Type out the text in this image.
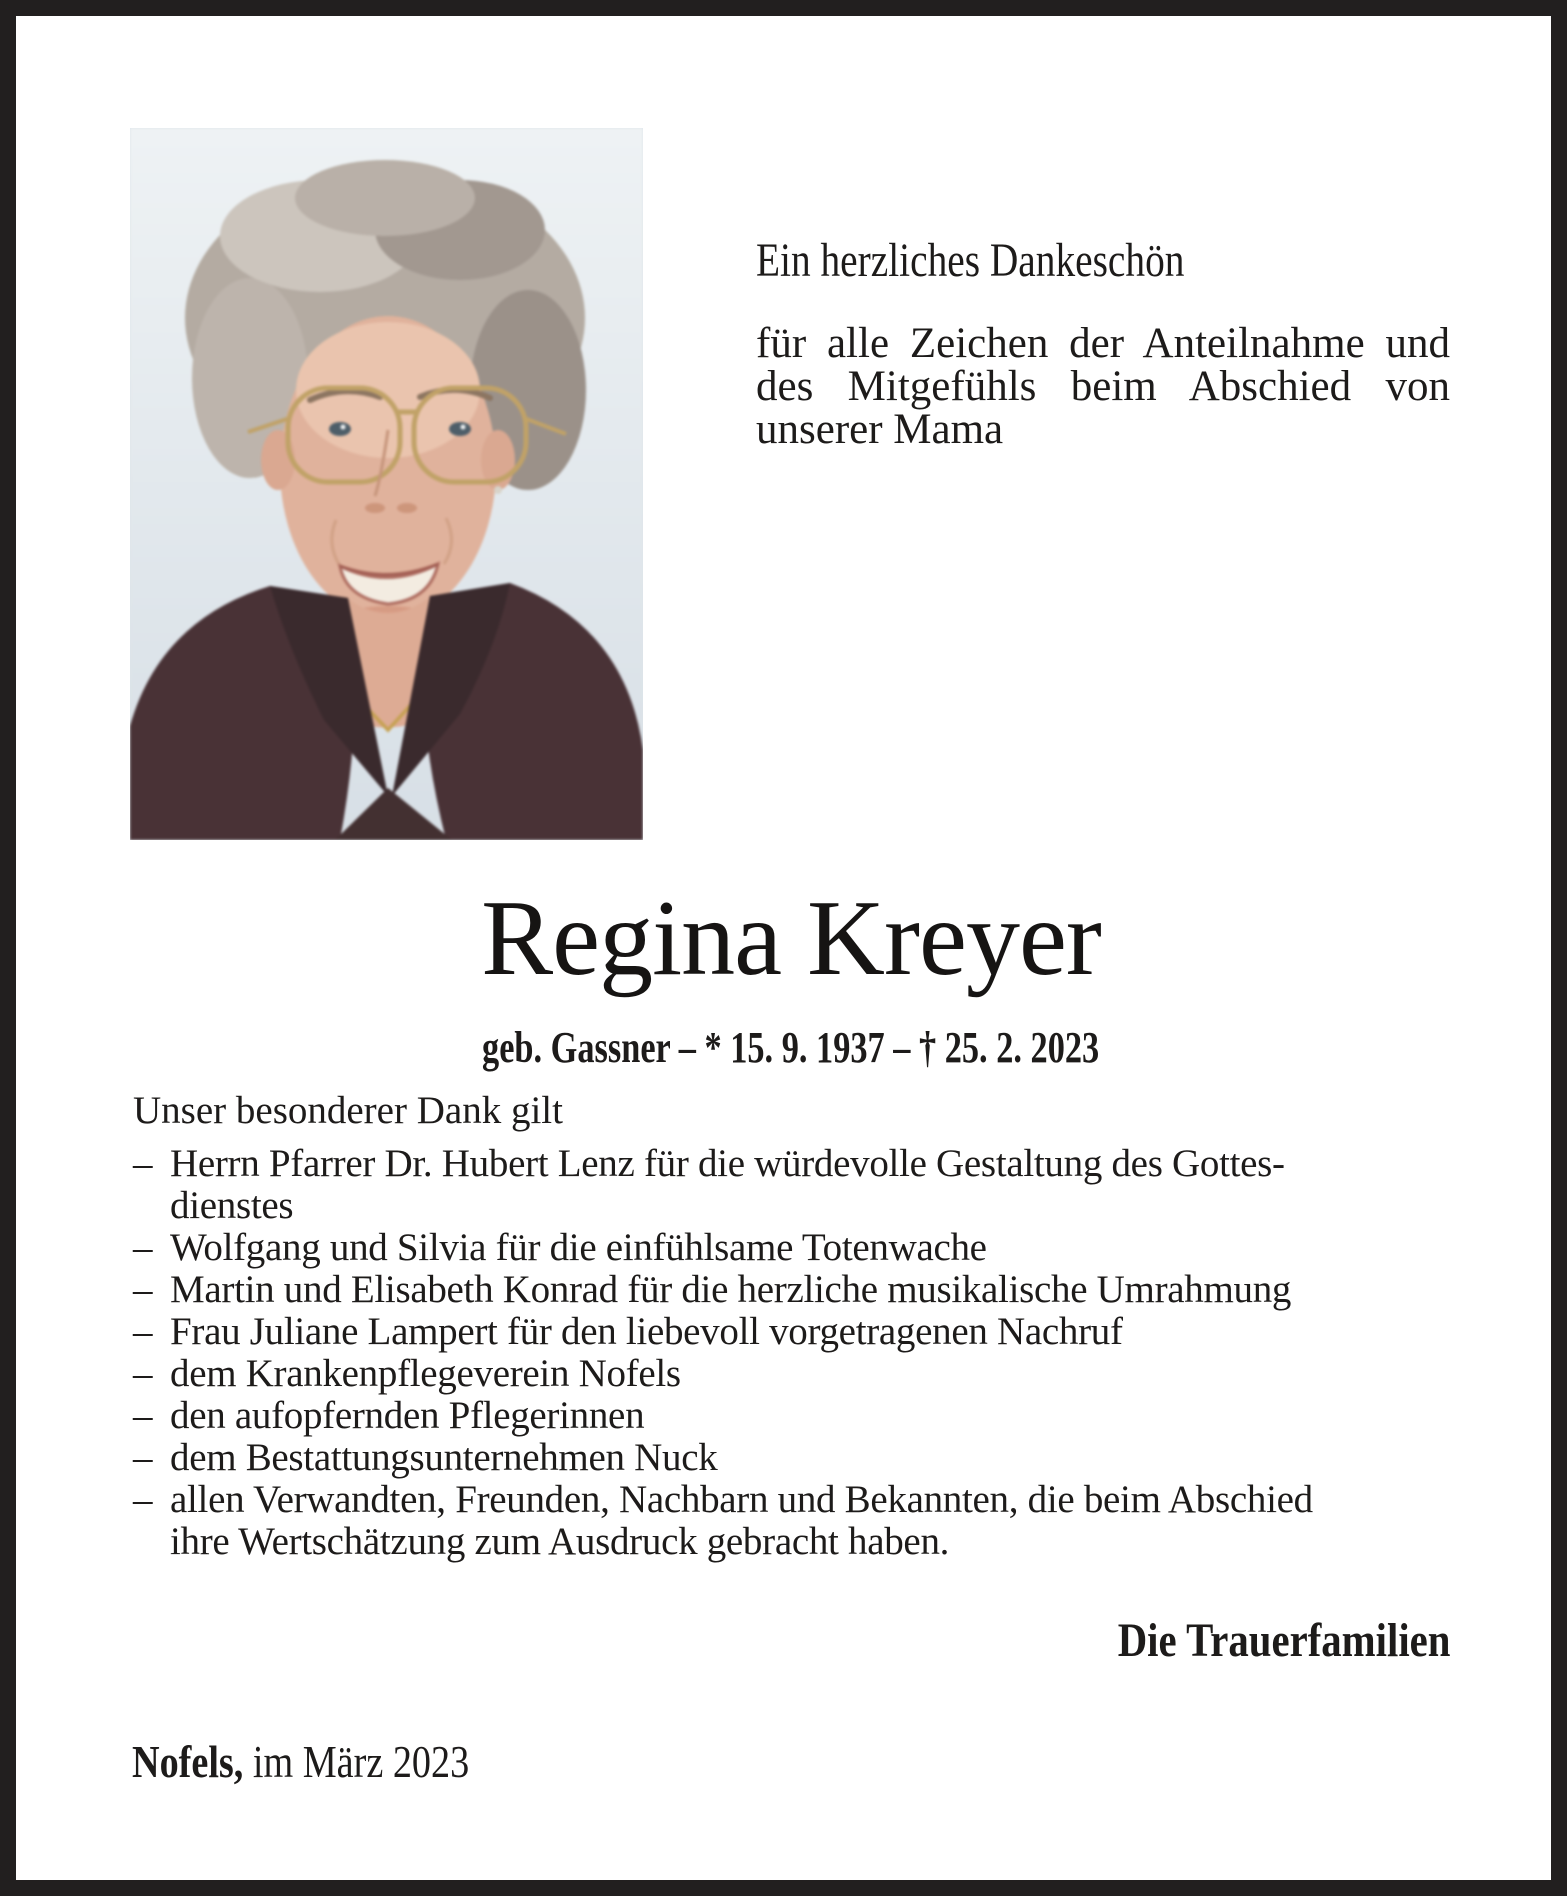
Ein herzliches Dankeschön
für alle Zeichen der Anteilnahme und
des Mitgefühls beim Abschied von
unserer Mama
Regina Kreyer

geb. Gassner – * 15. 9. 1937 – † 25. 2. 2023
Unser besonderer Dank gilt
– Herrn Pfarrer Dr. Hubert Lenz für die würdevolle Gestaltung des Gottes-
dienstes
– Wolfgang und Silvia für die einfühlsame Totenwache
– Martin und Elisabeth Konrad für die herzliche musikalische Umrahmung
– Frau Juliane Lampert für den liebevoll vorgetragenen Nachruf
– dem Krankenpflegeverein Nofels
– den aufopfernden Pflegerinnen
– dem Bestattungsunternehmen Nuck
– allen Verwandten, Freunden, Nachbarn und Bekannten, die beim Abschied
ihre Wertschätzung zum Ausdruck gebracht haben.
Die Trauerfamilien
Nofels, im März 2023
